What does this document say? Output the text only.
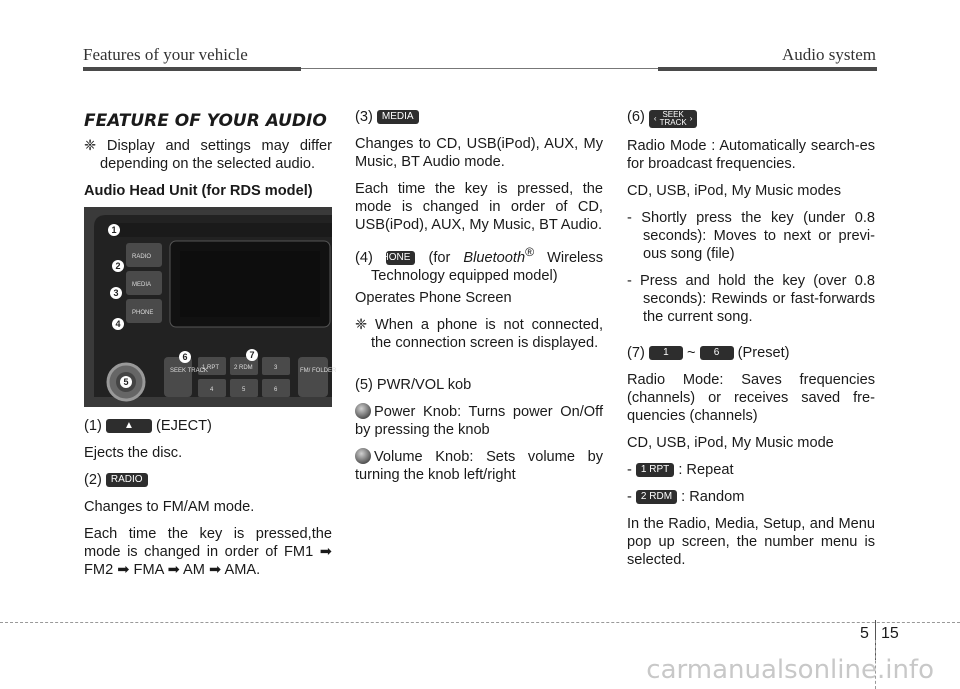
Features of your vehicle	Audio system
FEATURE OF YOUR AUDIO

❈ Display and settings may differ depending on the selected audio.

Audio Head Unit (for RDS model)

(1) ▲ (EJECT)

Ejects the disc.

(2) RADIO

Changes to FM/AM mode.

Each time the key is pressed,the mode is changed in order of FM1 ➡ FM2 ➡ FMA ➡ AM ➡ AMA.

RADIO
MEDIA
PHONE
SEEK TRACK
1 RPT 2 RDM	3
4	5	6
FM/ FOLDER
1
2
3
4
5
6	7

(3) MEDIA

Changes to CD, USB(iPod), AUX, My Music, BT Audio mode.

Each time the key is pressed, the mode is changed in order of CD, USB(iPod), AUX, My Music, BT Audio.

(4) PHONE (for Bluetooth® Wireless Technology equipped model)

Operates Phone Screen

❈ When a phone is not connected, the connection screen is displayed.

(5) PWR/VOL kob

Power Knob: Turns power On/Off by pressing the knob

Volume Knob: Sets volume by turning the knob left/right

(6) ‹ SEEK
TRACK ›

Radio Mode : Automatically search-es for broadcast frequencies.

CD, USB, iPod, My Music modes

- Shortly press the key (under 0.8 seconds): Moves to next or previ-ous song (file)

- Press and hold the key (over 0.8 seconds): Rewinds or fast-forwards the current song.

(7) 1 ~ 6 (Preset)

Radio Mode: Saves frequencies (channels) or receives saved fre-quencies (channels)

CD, USB, iPod, My Music mode

- 1 RPT : Repeat

- 2 RDM : Random

In the Radio, Media, Setup, and Menu pop up screen, the number menu is selected.

5 15
carmanualsonline.info
